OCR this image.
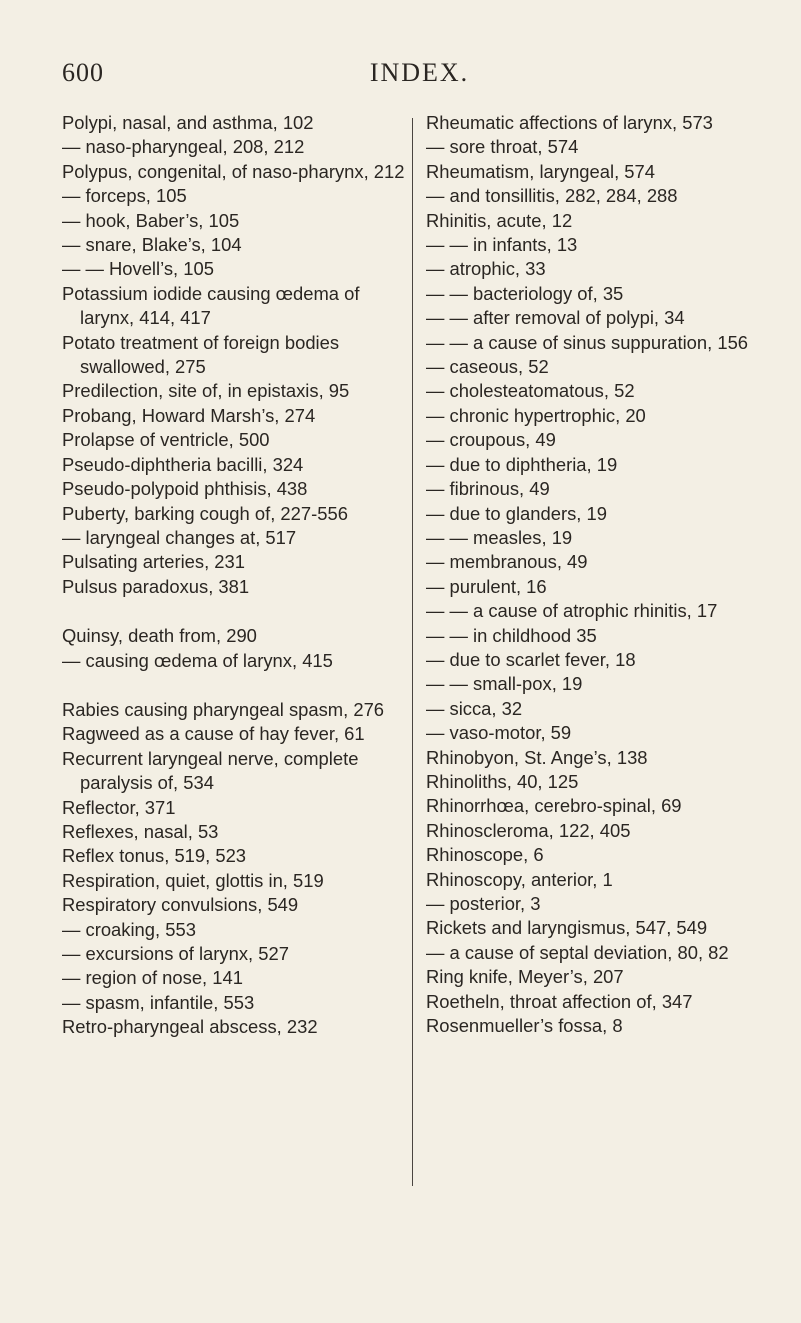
600	INDEX.
Polypi, nasal, and asthma, 102
— naso-pharyngeal, 208, 212
Polypus, congenital, of naso-pharynx, 212
— forceps, 105
— hook, Baber’s, 105
— snare, Blake’s, 104
— — Hovell’s, 105
Potassium iodide causing œdema of larynx, 414, 417
Potato treatment of foreign bodies swallowed, 275
Predilection, site of, in epistaxis, 95
Probang, Howard Marsh’s, 274
Prolapse of ventricle, 500
Pseudo-diphtheria bacilli, 324
Pseudo-polypoid phthisis, 438
Puberty, barking cough of, 227-556
— laryngeal changes at, 517
Pulsating arteries, 231
Pulsus paradoxus, 381
Quinsy, death from, 290
— causing œdema of larynx, 415
Rabies causing pharyngeal spasm, 276
Ragweed as a cause of hay fever, 61
Recurrent laryngeal nerve, complete paralysis of, 534
Reflector, 371
Reflexes, nasal, 53
Reflex tonus, 519, 523
Respiration, quiet, glottis in, 519
Respiratory convulsions, 549
— croaking, 553
— excursions of larynx, 527
— region of nose, 141
— spasm, infantile, 553
Retro-pharyngeal abscess, 232
Rheumatic affections of larynx, 573
— sore throat, 574
Rheumatism, laryngeal, 574
— and tonsillitis, 282, 284, 288
Rhinitis, acute, 12
— — in infants, 13
— atrophic, 33
— — bacteriology of, 35
— — after removal of polypi, 34
— — a cause of sinus suppuration, 156
— caseous, 52
— cholesteatomatous, 52
— chronic hypertrophic, 20
— croupous, 49
— due to diphtheria, 19
— fibrinous, 49
— due to glanders, 19
— — measles, 19
— membranous, 49
— purulent, 16
— — a cause of atrophic rhinitis, 17
— — in childhood 35
— due to scarlet fever, 18
— — small-pox, 19
— sicca, 32
— vaso-motor, 59
Rhinobyon, St. Ange’s, 138
Rhinoliths, 40, 125
Rhinorrhœa, cerebro-spinal, 69
Rhinoscleroma, 122, 405
Rhinoscope, 6
Rhinoscopy, anterior, 1
— posterior, 3
Rickets and laryngismus, 547, 549
— a cause of septal deviation, 80, 82
Ring knife, Meyer’s, 207
Roetheln, throat affection of, 347
Rosenmueller’s fossa, 8
